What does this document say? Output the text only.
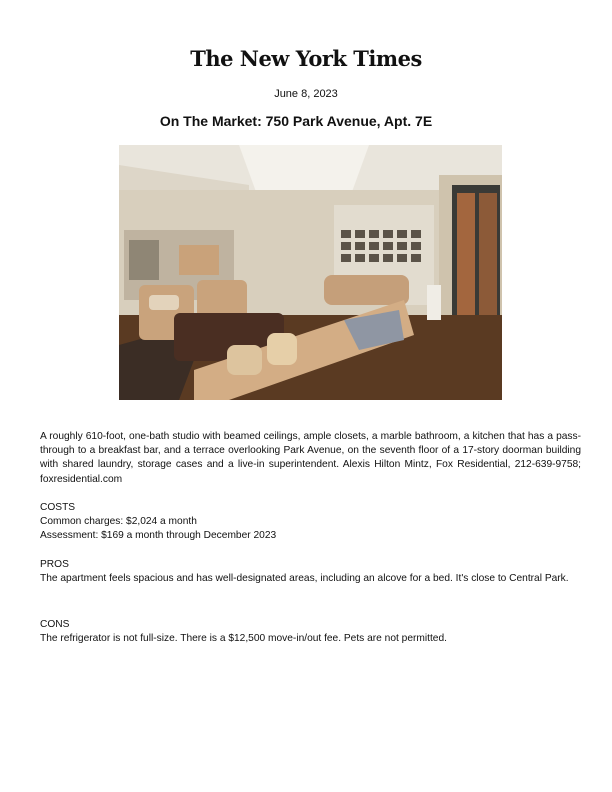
The New York Times
June 8, 2023
On The Market: 750 Park Avenue, Apt. 7E
A roughly 610-foot, one-bath studio with beamed ceilings, ample closets, a marble bathroom, a kitchen that has a pass-through to a breakfast bar, and a terrace overlooking Park Avenue, on the seventh floor of a 17-story doorman building with shared laundry, storage cases and a live-in superintendent. Alexis Hilton Mintz, Fox Residential, 212-639-9758; foxresidential.com
COSTS
Common charges: $2,024 a month
Assessment: $169 a month through December 2023
PROS
The apartment feels spacious and has well-designated areas, including an alcove for a bed. It's close to Central Park.
CONS
The refrigerator is not full-size. There is a $12,500 move-in/out fee. Pets are not permitted.
